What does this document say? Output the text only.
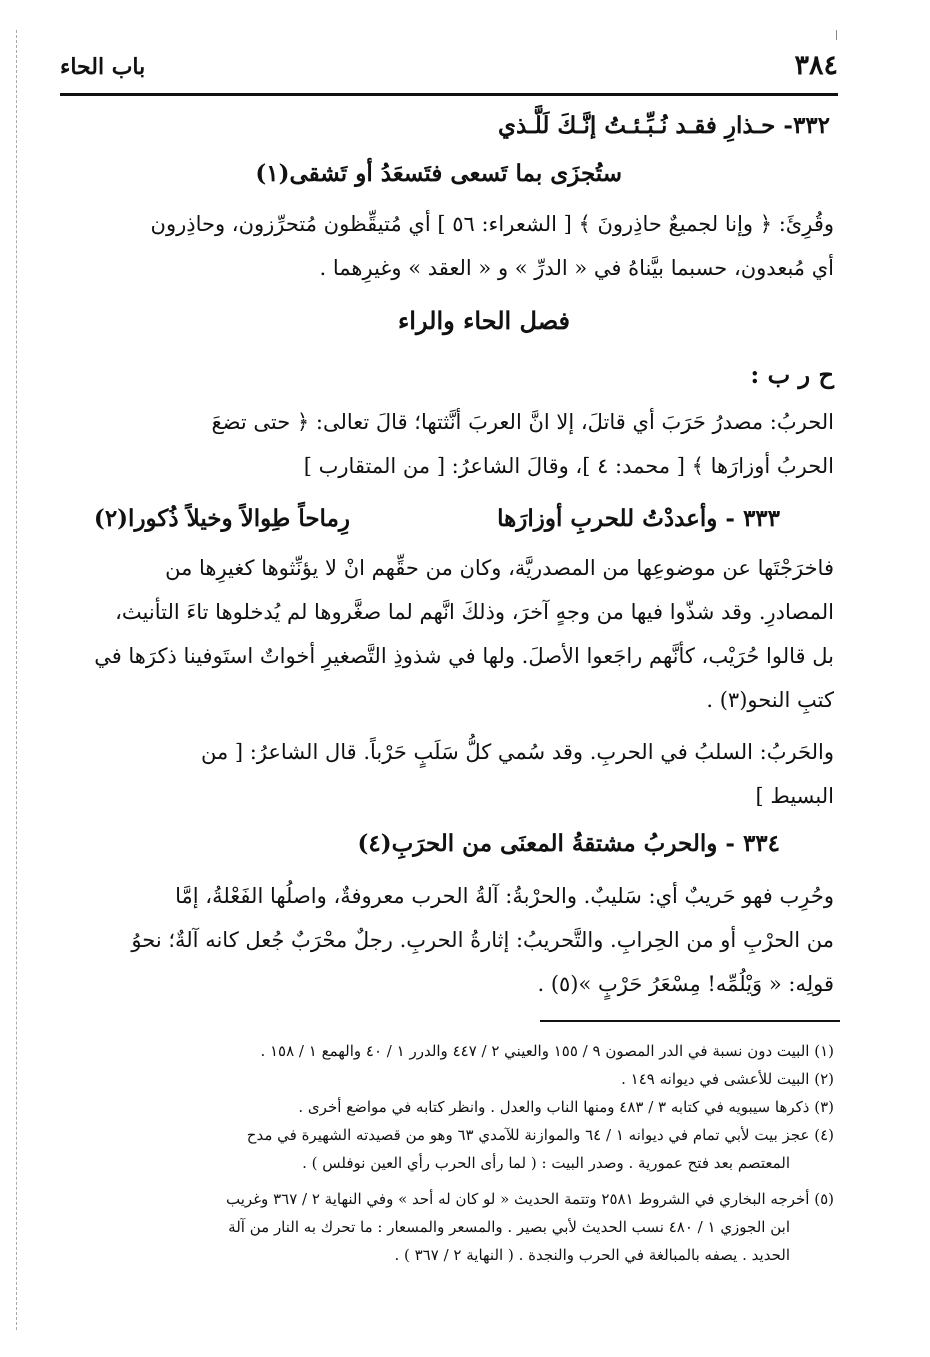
٣٨٤
باب الحاء
٣٣٢- حـذارِ فقـد نُـبِّـئـتُ إنَّـكَ لَلَّـذي
ستُجزَى بما تَسعى فتَسعَدُ أو تَشقى(١)
وقُرِئَ: ﴿ وإنا لجميعٌ حاذِرونَ ﴾ [ الشعراء: ٥٦ ] أي مُتيقِّظون مُتحرِّزون، وحاذِرون
أي مُبعدون، حسبما بيَّناهُ في « الدرِّ » و « العقد » وغيرِهما .
فصل الحاء والراء
ح ر ب :
الحربُ: مصدرُ حَرَبَ أي قاتلَ، إلا انَّ العربَ أنَّثتها؛ قالَ تعالى: ﴿ حتى تضعَ
الحربُ أوزارَها ﴾ [ محمد: ٤ ]، وقالَ الشاعرُ: [ من المتقارب ]
٣٣٣ - وأعددْتُ للحربِ أوزارَها
رِماحاً طِوالاً وخيلاً ذُكورا(٢)
فاخرَجْتَها عن موضوعِها من المصدريَّة، وكان من حقِّهم انْ لا يؤنِّثوها كغيرِها من
المصادرِ. وقد شذّوا فيها من وجهٍ آخرَ، وذلكَ انَّهم لما صغَّروها لم يُدخلوها تاءَ التأنيث،
بل قالوا حُرَيْب، كأنَّهم راجَعوا الأصلَ. ولها في شذوذِ التَّصغيرِ أخواتٌ استَوفينا ذكرَها في
كتبِ النحو(٣) .
والحَربُ: السلبُ في الحربِ. وقد سُمي كلُّ سَلَبٍ حَرْباً. قال الشاعرُ: [ من
البسيط ]
٣٣٤ - والحربُ مشتقةُ المعنَى من الحرَبِ(٤)
وحُرِب فهو حَريبٌ أي: سَليبٌ. والحرْبةُ: آلةُ الحرب معروفةٌ، واصلُها الفَعْلةُ، إمَّا
من الحرْبِ أو من الحِرابِ. والتَّحريبُ: إثارةُ الحربِ. رجلٌ محْرَبٌ جُعل كانه آلةٌ؛ نحوُ
قولِه: « وَيْلُمِّه! مِسْعَرُ حَرْبٍ »(٥) .
(١) البيت دون نسبة في الدر المصون ٩ / ١٥٥ والعيني ٢ / ٤٤٧ والدرر ١ / ٤٠ والهمع ١ / ١٥٨ .
(٢) البيت للأعشى في ديوانه ١٤٩ .
(٣) ذكرها سيبويه في كتابه ٣ / ٤٨٣ ومنها الناب والعدل . وانظر كتابه في مواضع أخرى .
(٤) عجز بيت لأبي تمام في ديوانه ١ / ٦٤ والموازنة للآمدي ٦٣ وهو من قصيدته الشهيرة في مدح
المعتصم بعد فتح عمورية . وصدر البيت : ( لما رأى الحرب رأي العين نوفلس ) .
(٥) أخرجه البخاري في الشروط ٢٥٨١ وتتمة الحديث « لو كان له أحد » وفي النهاية ٢ / ٣٦٧ وغريب
ابن الجوزي ١ / ٤٨٠ نسب الحديث لأبي بصير . والمسعر والمسعار : ما تحرك به النار من آلة
الحديد . يصفه بالمبالغة في الحرب والنجدة . ( النهاية ٢ / ٣٦٧ ) .
